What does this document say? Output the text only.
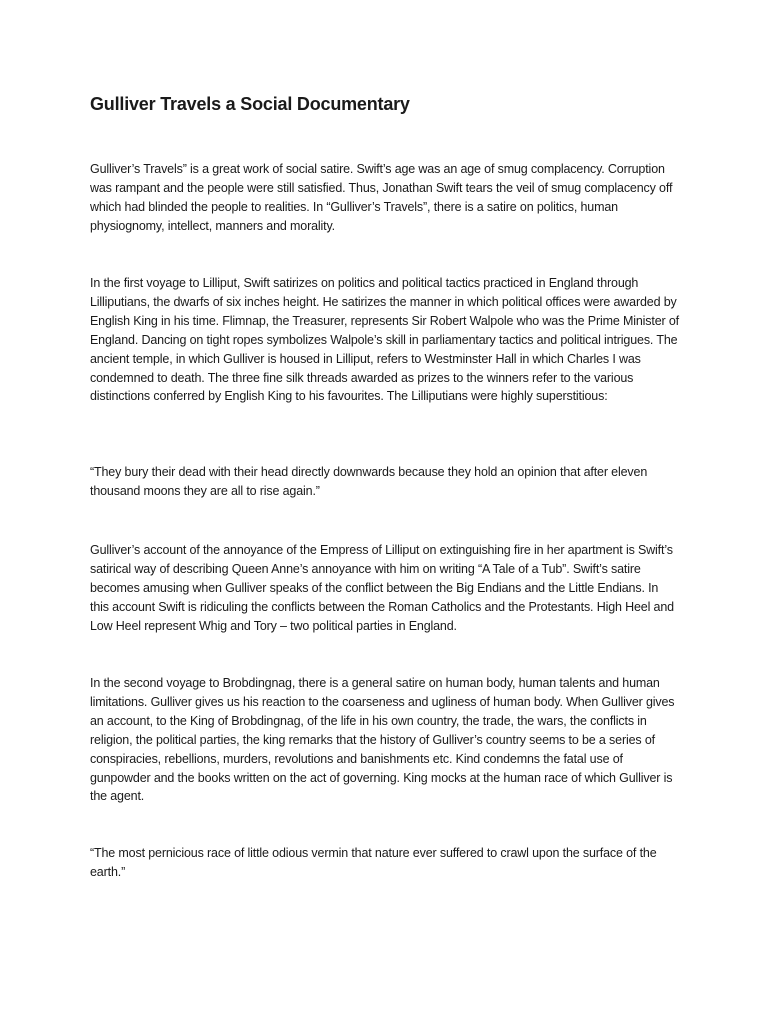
Gulliver Travels a Social Documentary

Gulliver’s Travels” is a great work of social satire. Swift’s age was an age of smug complacency. Corruption was rampant and the people were still satisfied. Thus, Jonathan Swift tears the veil of smug complacency off which had blinded the people to realities. In “Gulliver’s Travels”, there is a satire on politics, human physiognomy, intellect, manners and morality.

In the first voyage to Lilliput, Swift satirizes on politics and political tactics practiced in England through Lilliputians, the dwarfs of six inches height. He satirizes the manner in which political offices were awarded by English King in his time. Flimnap, the Treasurer, represents Sir Robert Walpole who was the Prime Minister of England. Dancing on tight ropes symbolizes Walpole’s skill in parliamentary tactics and political intrigues. The ancient temple, in which Gulliver is housed in Lilliput, refers to Westminster Hall in which Charles I was condemned to death. The three fine silk threads awarded as prizes to the winners refer to the various distinctions conferred by English King to his favourites. The Lilliputians were highly superstitious:

“They bury their dead with their head directly downwards because they hold an opinion that after eleven thousand moons they are all to rise again.”

Gulliver’s account of the annoyance of the Empress of Lilliput on extinguishing fire in her apartment is Swift’s satirical way of describing Queen Anne’s annoyance with him on writing “A Tale of a Tub”. Swift’s satire becomes amusing when Gulliver speaks of the conflict between the Big Endians and the Little Endians. In this account Swift is ridiculing the conflicts between the Roman Catholics and the Protestants. High Heel and Low Heel represent Whig and Tory – two political parties in England.

In the second voyage to Brobdingnag, there is a general satire on human body, human talents and human limitations. Gulliver gives us his reaction to the coarseness and ugliness of human body. When Gulliver gives an account, to the King of Brobdingnag, of the life in his own country, the trade, the wars, the conflicts in religion, the political parties, the king remarks that the history of Gulliver’s country seems to be a series of conspiracies, rebellions, murders, revolutions and banishments etc. Kind condemns the fatal use of gunpowder and the books written on the act of governing. King mocks at the human race of which Gulliver is the agent.

“The most pernicious race of little odious vermin that nature ever suffered to crawl upon the surface of the earth.”
